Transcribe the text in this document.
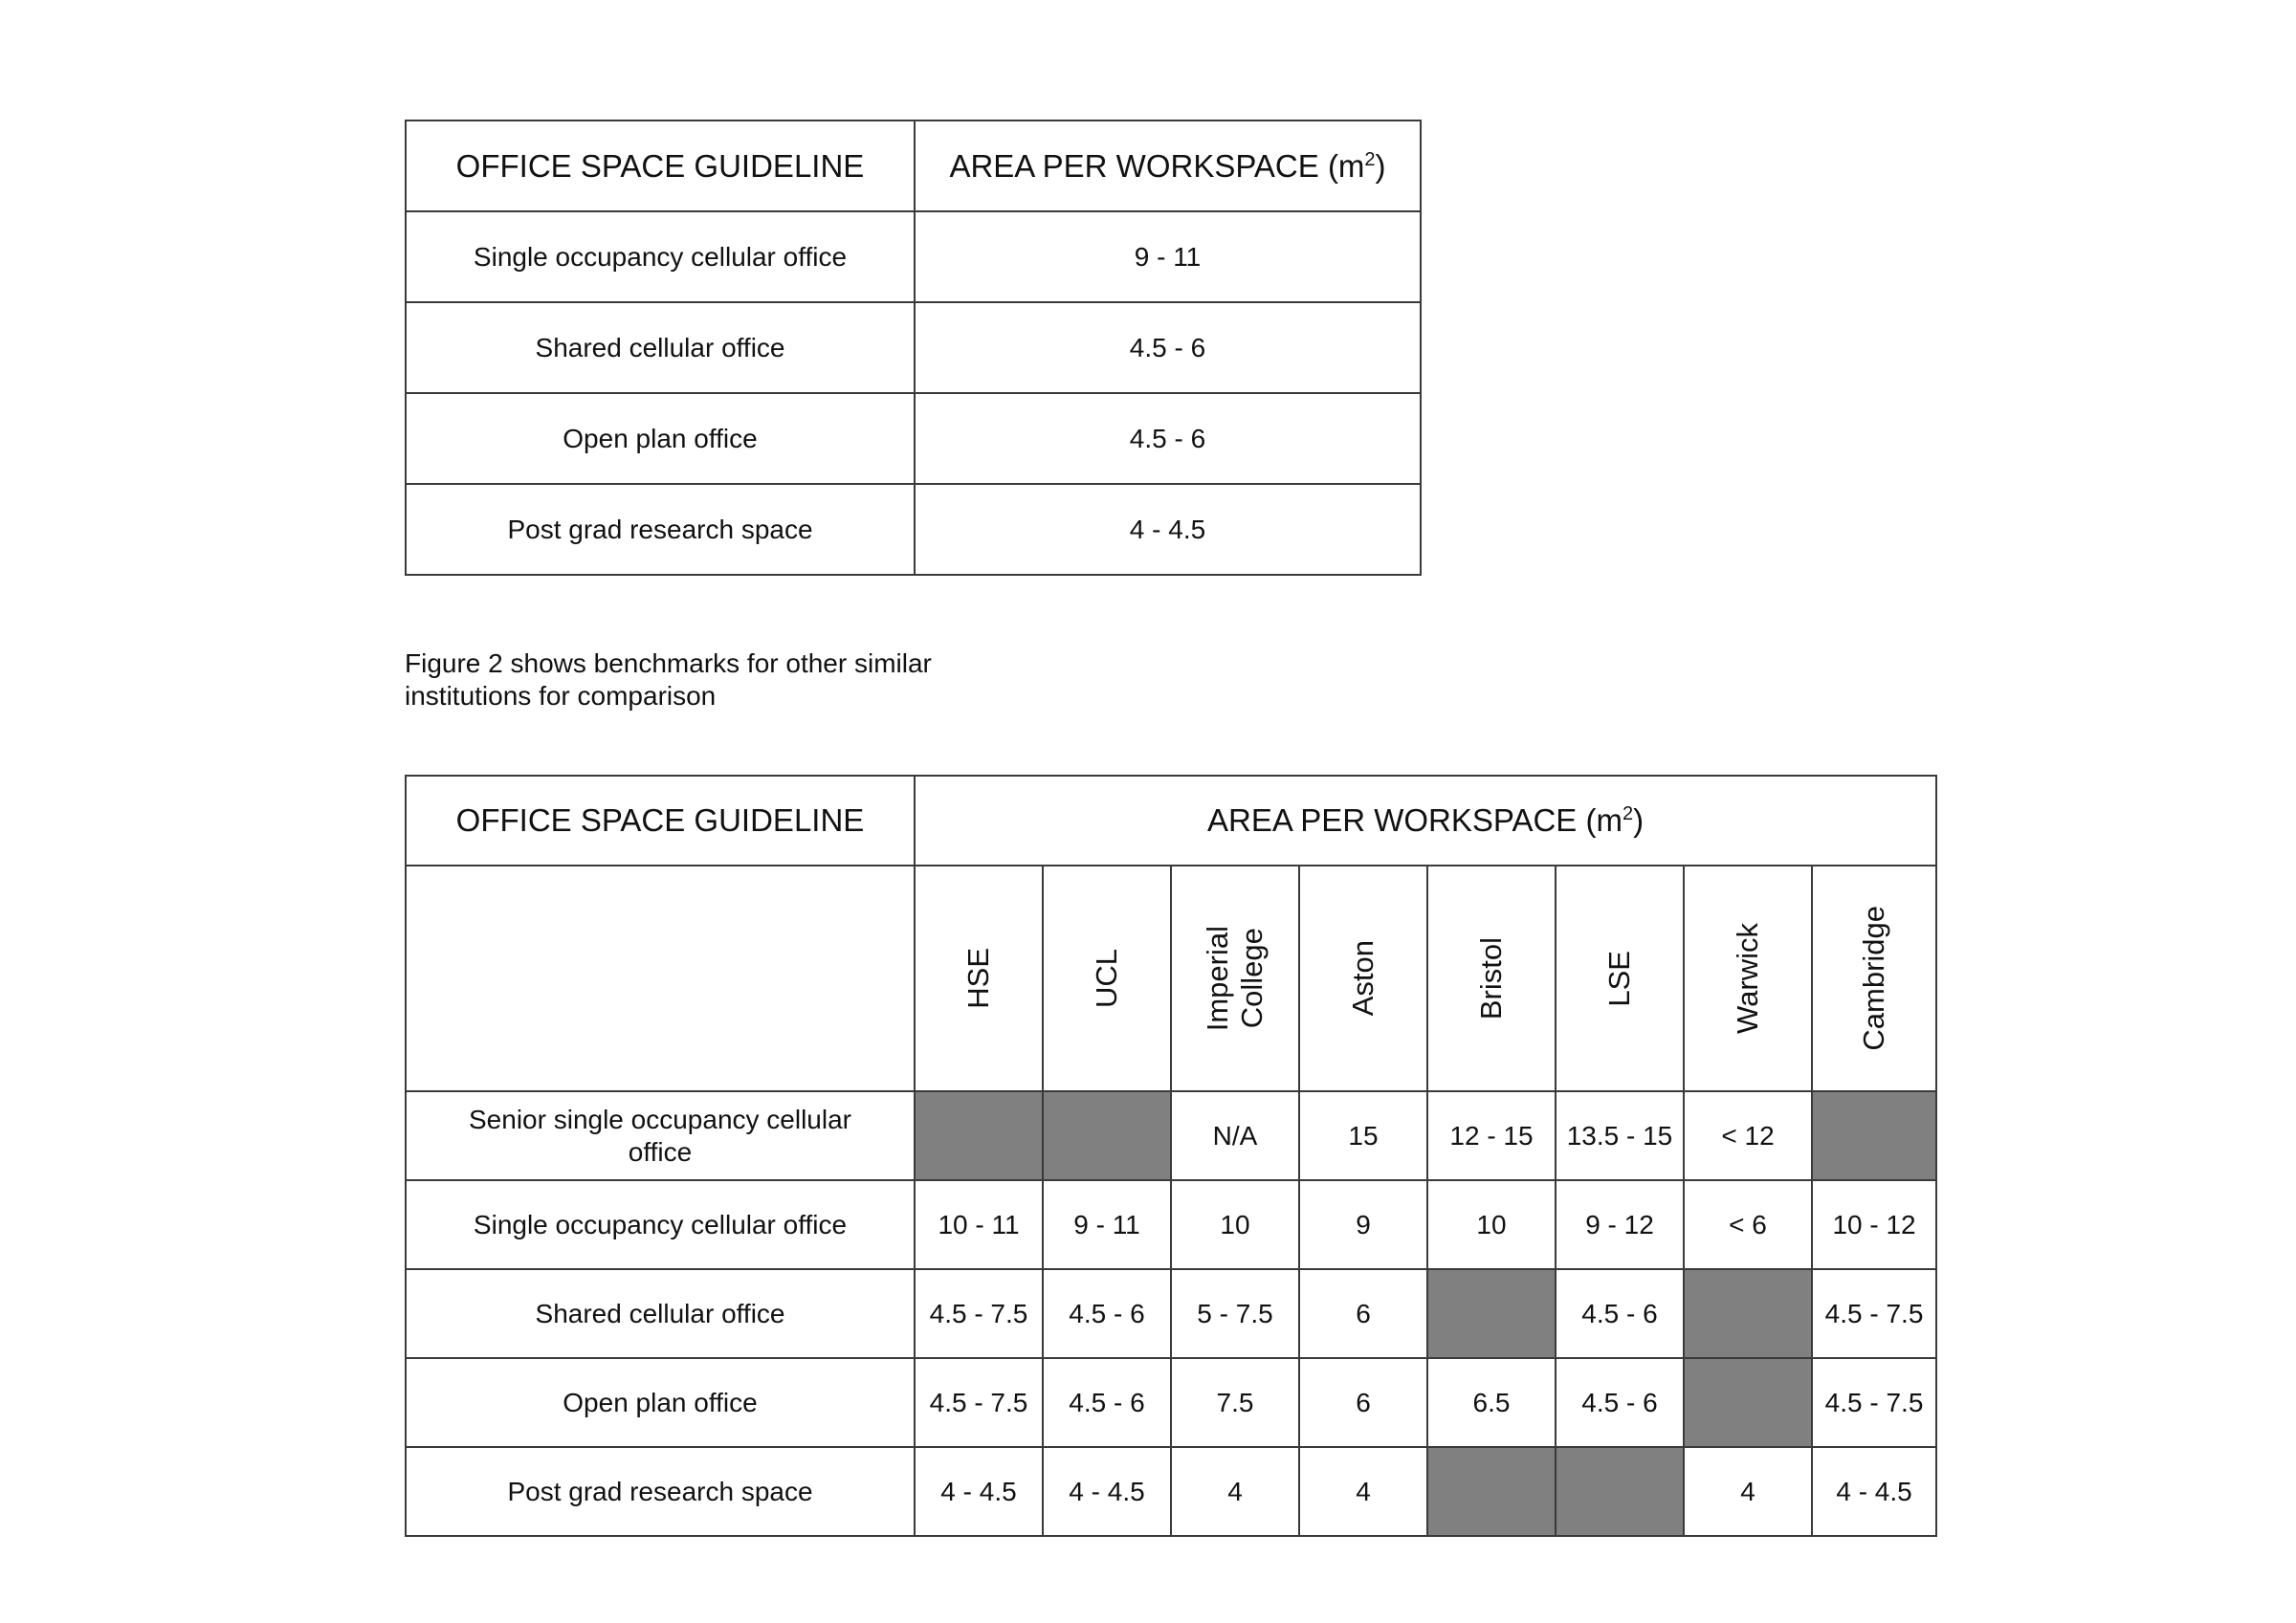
OFFICE SPACE GUIDELINE	AREA PER WORKSPACE $(m^2)$
Single occupancy cellular office	9 - 11
Shared cellular office	4.5 - 6
Open plan office	4.5 - 6
Post grad research space	4 - 4.5

Figure 2 shows benchmarks for other similar
institutions for comparison

OFFICE SPACE GUIDELINE	AREA PER WORKSPACE $(m^2)$							

	HSE	UCL	Imperial
College	Aston	Bristol	LSE	Warwick	Cambridge

Senior single occupancy cellular office			N/A	15	12 - 15	13.5 - 15	< 12	
Single occupancy cellular office	10 - 11	9 - 11	10	9	10	9 - 12	< 6	10 - 12
Shared cellular office	4.5 - 7.5	4.5 - 6	5 - 7.5	6		4.5 - 6		4.5 - 7.5
Open plan office	4.5 - 7.5	4.5 - 6	7.5	6	6.5	4.5 - 6		4.5 - 7.5
Post grad research space	4 - 4.5	4 - 4.5	4	4			4	4 - 4.5
